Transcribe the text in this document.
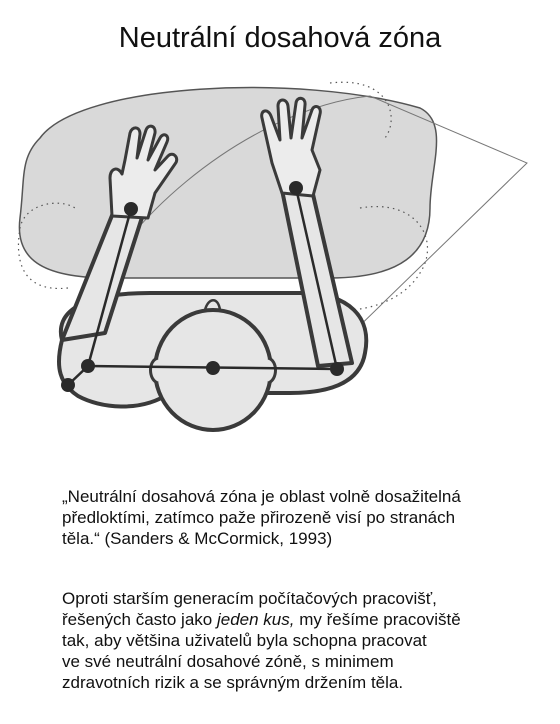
Neutrální dosahová zóna
„Neutrální dosahová zóna je oblast volně dosažitelná
předloktími, zatímco paže přirozeně visí po stranách
těla.“ (Sanders & McCormick, 1993)
Oproti starším generacím počítačových pracovišť,
řešených často jako jeden kus, my řešíme pracoviště
tak, aby většina uživatelů byla schopna pracovat
ve své neutrální dosahové zóně, s minimem
zdravotních rizik a se správným držením těla.
